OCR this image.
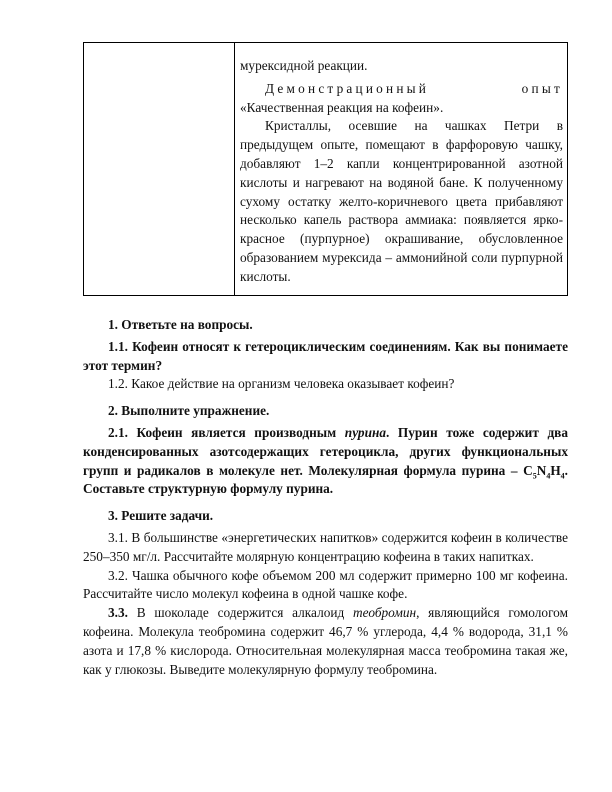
мурексидной реакции.

Демонстрационный опыт «Качественная реакция на кофеин».

Кристаллы, осевшие на чашках Петри в предыдущем опыте, помещают в фарфоровую чашку, добавляют 1–2 капли концентрированной азотной кислоты и нагревают на водяной бане. К полученному сухому остатку желто-коричневого цвета прибавляют несколько капель раствора аммиака: появляется ярко-красное (пурпурное) окрашивание, обусловленное образованием мурексида – аммонийной соли пурпурной кислоты.

1. Ответьте на вопросы.

1.1. Кофеин относят к гетероциклическим соединениям. Как вы понимаете этот термин?

1.2. Какое действие на организм человека оказывает кофеин?

2. Выполните упражнение.

2.1. Кофеин является производным пурина. Пурин тоже содержит два конденсированных азотсодержащих гетероцикла, других функциональных групп и радикалов в молекуле нет. Молекулярная формула пурина – $C_5N_4H_4$. Составьте структурную формулу пурина.

3. Решите задачи.

3.1. В большинстве «энергетических напитков» содержится кофеин в количестве 250–350 мг/л. Рассчитайте молярную концентрацию кофеина в таких напитках.

3.2. Чашка обычного кофе объемом 200 мл содержит примерно 100 мг кофеина. Рассчитайте число молекул кофеина в одной чашке кофе.

3.3. В шоколаде содержится алкалоид теобромин, являющийся гомологом кофеина. Молекула теобромина содержит 46,7 % углерода, 4,4 % водорода, 31,1 % азота и 17,8 % кислорода. Относительная молекулярная масса теобромина такая же, как у глюкозы. Выведите молекулярную формулу теобромина.
